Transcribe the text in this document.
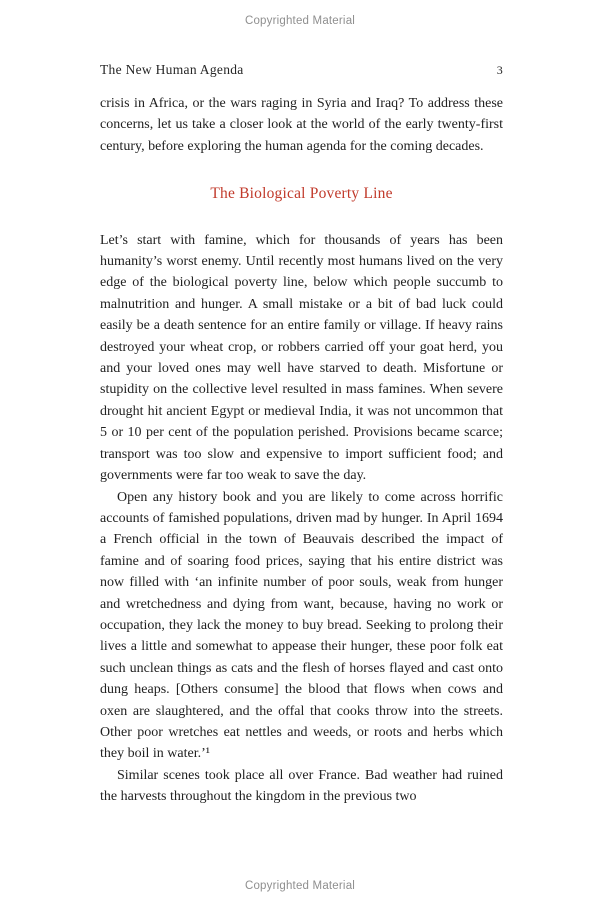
Copyrighted Material
The New Human Agenda	3

crisis in Africa, or the wars raging in Syria and Iraq? To address these concerns, let us take a closer look at the world of the early twenty-first century, before exploring the human agenda for the coming decades.

The Biological Poverty Line

Let’s start with famine, which for thousands of years has been humanity’s worst enemy. Until recently most humans lived on the very edge of the biological poverty line, below which people succumb to malnutrition and hunger. A small mistake or a bit of bad luck could easily be a death sentence for an entire family or village. If heavy rains destroyed your wheat crop, or robbers carried off your goat herd, you and your loved ones may well have starved to death. Misfortune or stupidity on the collective level resulted in mass famines. When severe drought hit ancient Egypt or medieval India, it was not uncommon that 5 or 10 per cent of the population perished. Provisions became scarce; transport was too slow and expensive to import sufficient food; and governments were far too weak to save the day.

Open any history book and you are likely to come across horrific accounts of famished populations, driven mad by hunger. In April 1694 a French official in the town of Beauvais described the impact of famine and of soaring food prices, saying that his entire district was now filled with ‘an infinite number of poor souls, weak from hunger and wretchedness and dying from want, because, having no work or occupation, they lack the money to buy bread. Seeking to prolong their lives a little and somewhat to appease their hunger, these poor folk eat such unclean things as cats and the flesh of horses flayed and cast onto dung heaps. [Others consume] the blood that flows when cows and oxen are slaughtered, and the offal that cooks throw into the streets. Other poor wretches eat nettles and weeds, or roots and herbs which they boil in water.’¹

Similar scenes took place all over France. Bad weather had ruined the harvests throughout the kingdom in the previous two

Copyrighted Material
